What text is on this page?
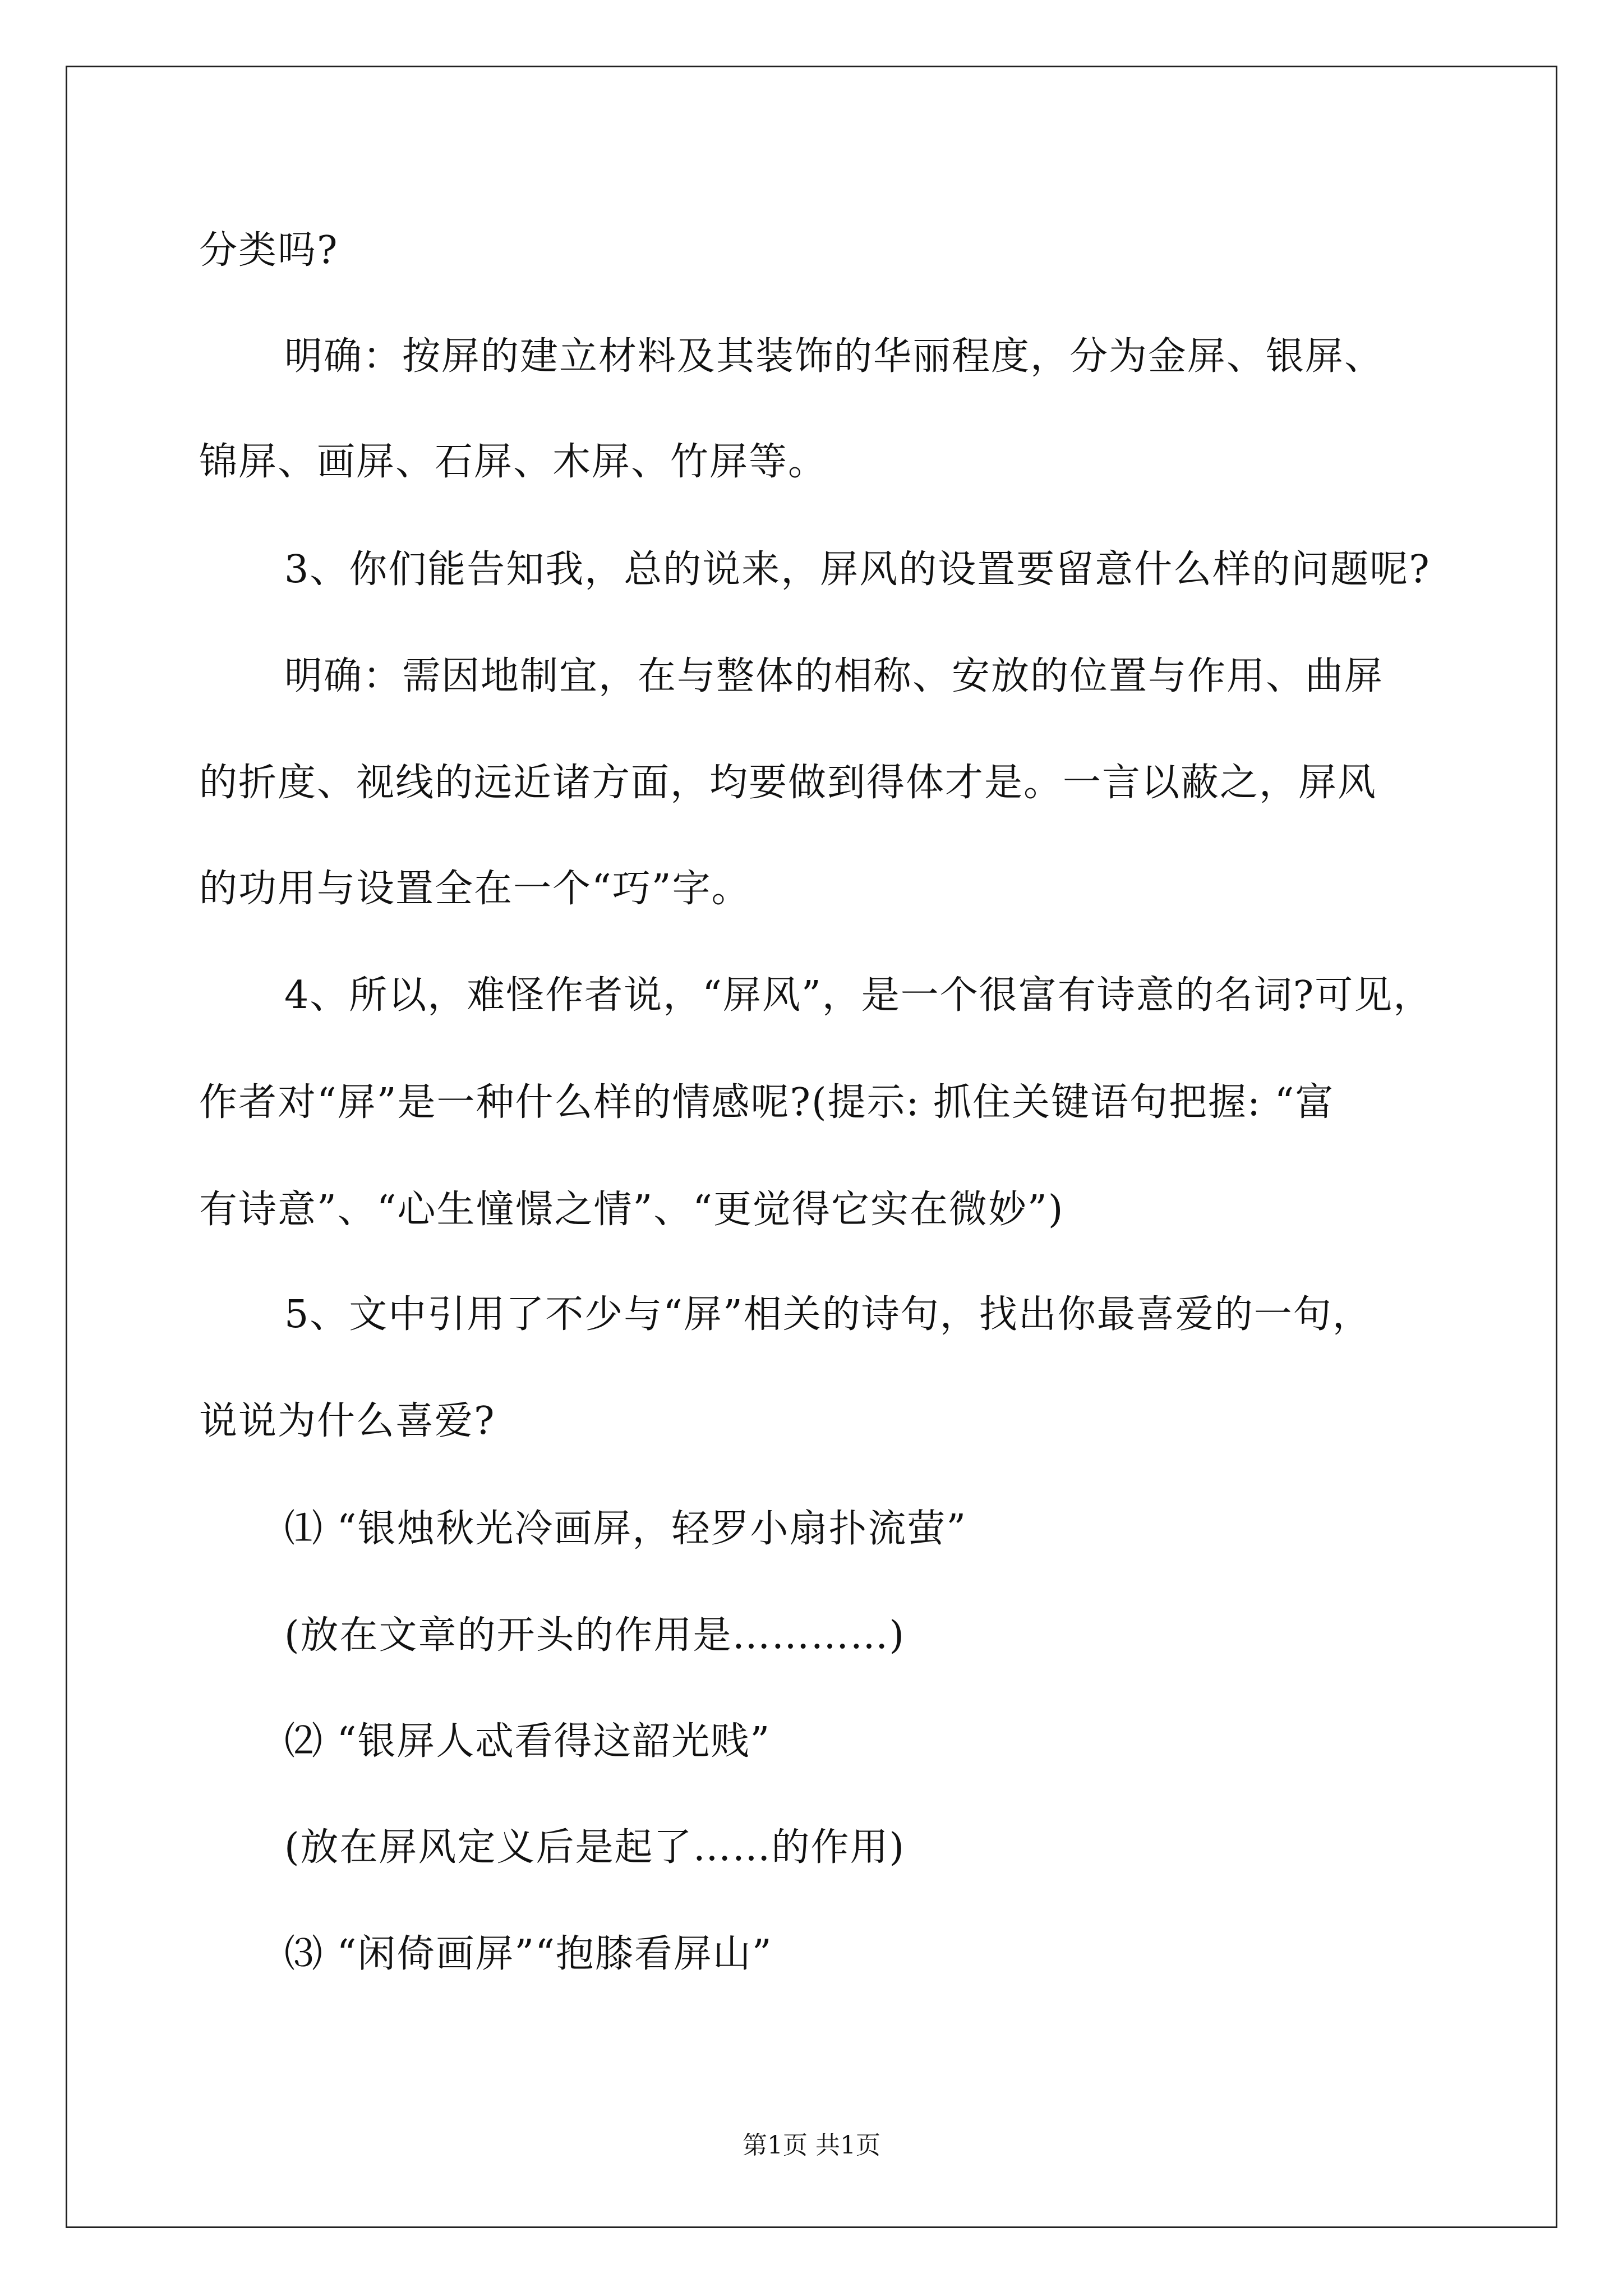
分类吗?
明确：按屏的建立材料及其装饰的华丽程度，分为金屏、银屏、
锦屏、画屏、石屏、木屏、竹屏等。
3、你们能告知我，总的说来，屏风的设置要留意什么样的问题呢?
明确：需因地制宜，在与整体的相称、安放的位置与作用、曲屏
的折度、视线的远近诸方面，均要做到得体才是。一言以蔽之，屏风
的功用与设置全在一个“巧”字。
4、所以，难怪作者说，“屏风”，是一个很富有诗意的名词?可见，
作者对“屏”是一种什么样的情感呢?(提示: 抓住关键语句把握: “富
有诗意”、“心生憧憬之情”、“更觉得它实在微妙”)
5、文中引用了不少与“屏”相关的诗句，找出你最喜爱的一句，
说说为什么喜爱?
⑴ “银烛秋光冷画屏，轻罗小扇扑流萤”
(放在文章的开头的作用是…………)
⑵ “银屏人忒看得这韶光贱”
(放在屏风定义后是起了……的作用)
⑶ “闲倚画屏”“抱膝看屏山”
第1页 共1页
